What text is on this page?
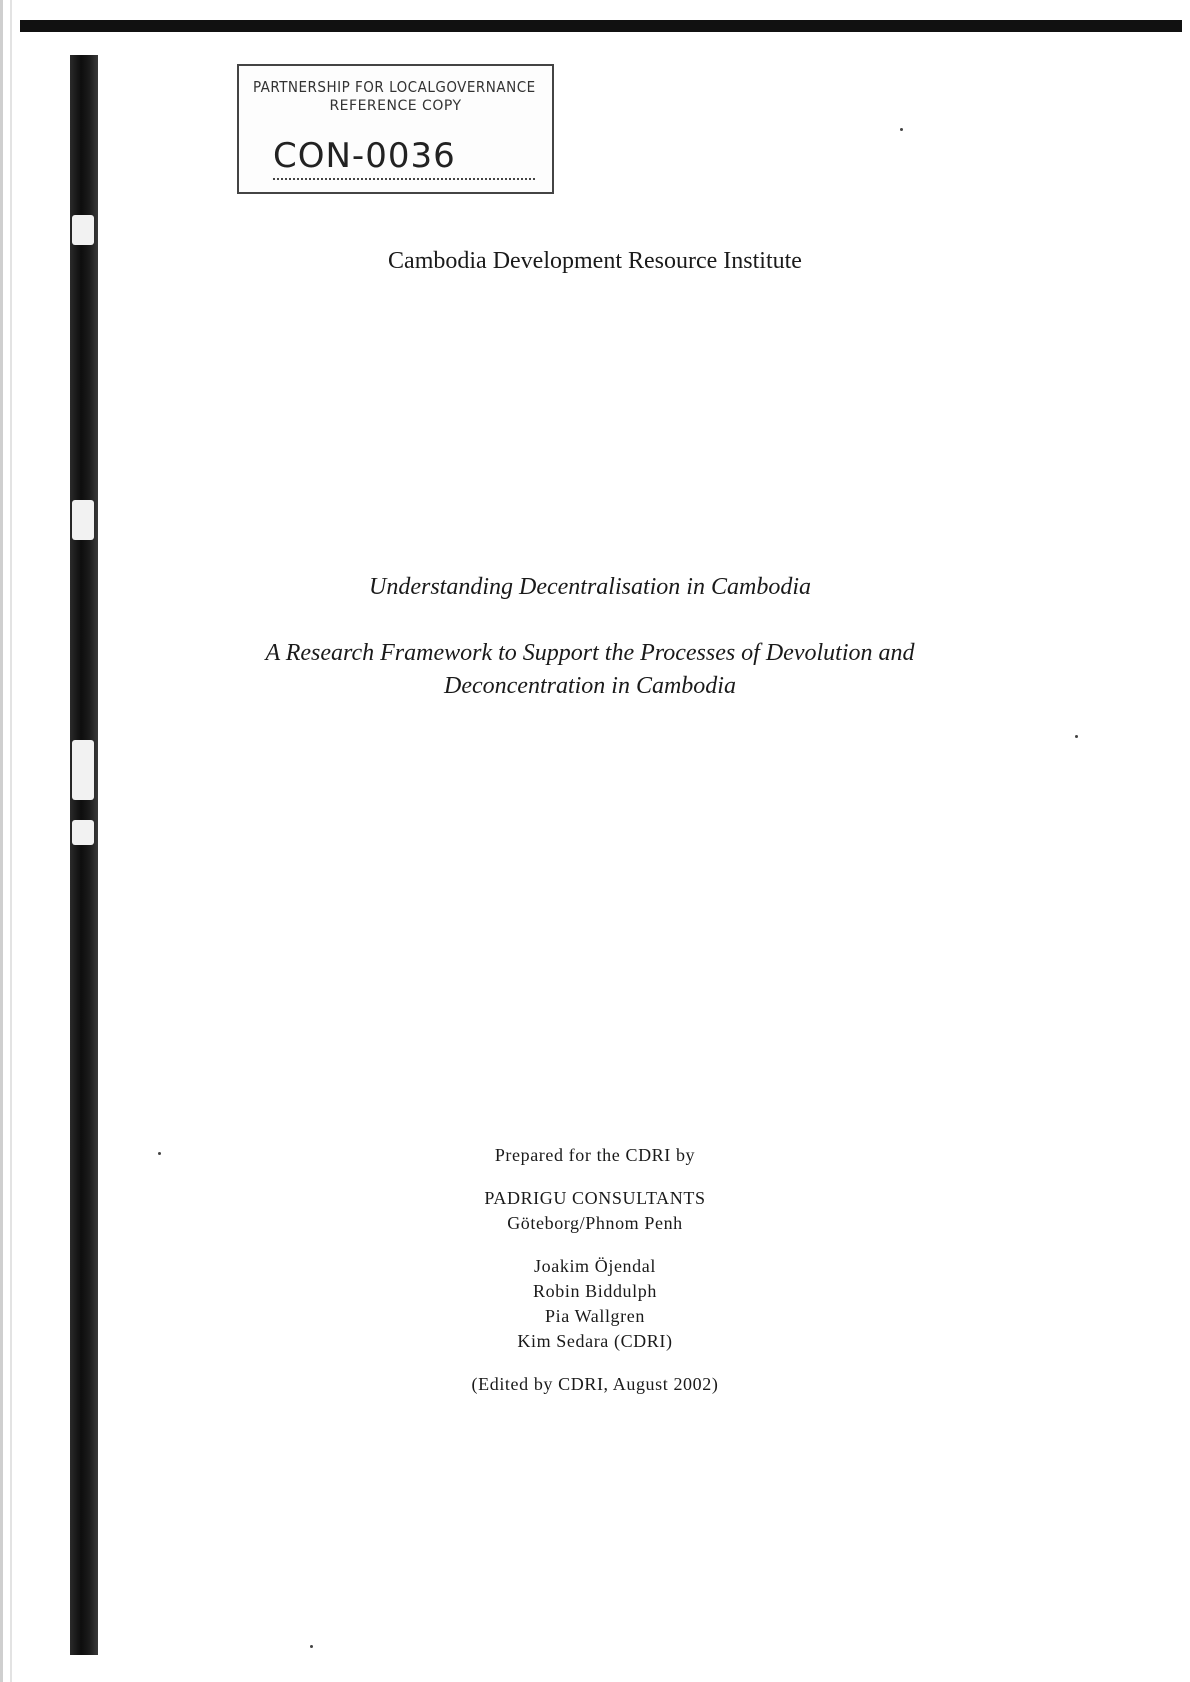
PARTNERSHIP FOR LOCALGOVERNANCE
REFERENCE COPY
CON-0036
Cambodia Development Resource Institute
Understanding Decentralisation in Cambodia
A Research Framework to Support the Processes of Devolution and
Deconcentration in Cambodia
Prepared for the CDRI by
PADRIGU CONSULTANTS
Göteborg/Phnom Penh
Joakim Öjendal
Robin Biddulph
Pia Wallgren
Kim Sedara (CDRI)
(Edited by CDRI, August 2002)
